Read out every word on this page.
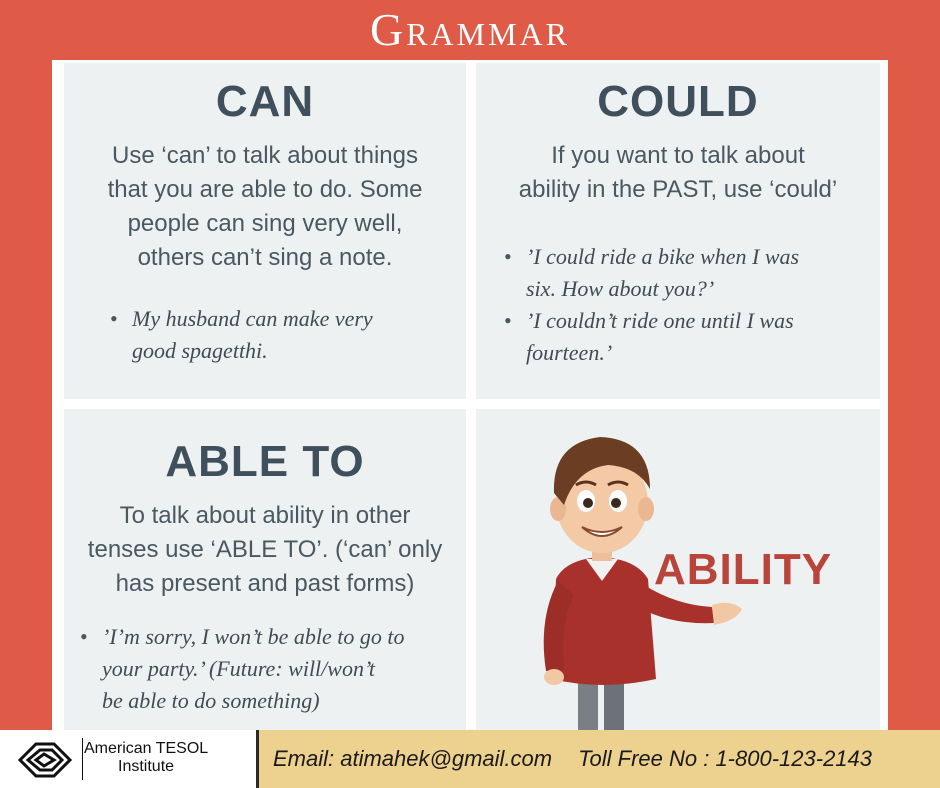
Grammar
CAN
Use ‘can’ to talk about things
that you are able to do. Some
people can sing very well,
others can’t sing a note.
• My husband can make very
good spagetthi.
COULD
If you want to talk about
ability in the PAST, use ‘could’
• ’I could ride a bike when I was
six. How about you?’
• ’I couldn’t ride one until I was
fourteen.’
ABLE TO
To talk about ability in other
tenses use ‘ABLE TO’. (‘can’ only
has present and past forms)
• ’I’m sorry, I won’t be able to go to
your party.’ (Future: will/won’t
be able to do something)
ABILITY
American TESOL
Institute	Email: atimahek@gmail.com Toll Free No : 1-800-123-2143
